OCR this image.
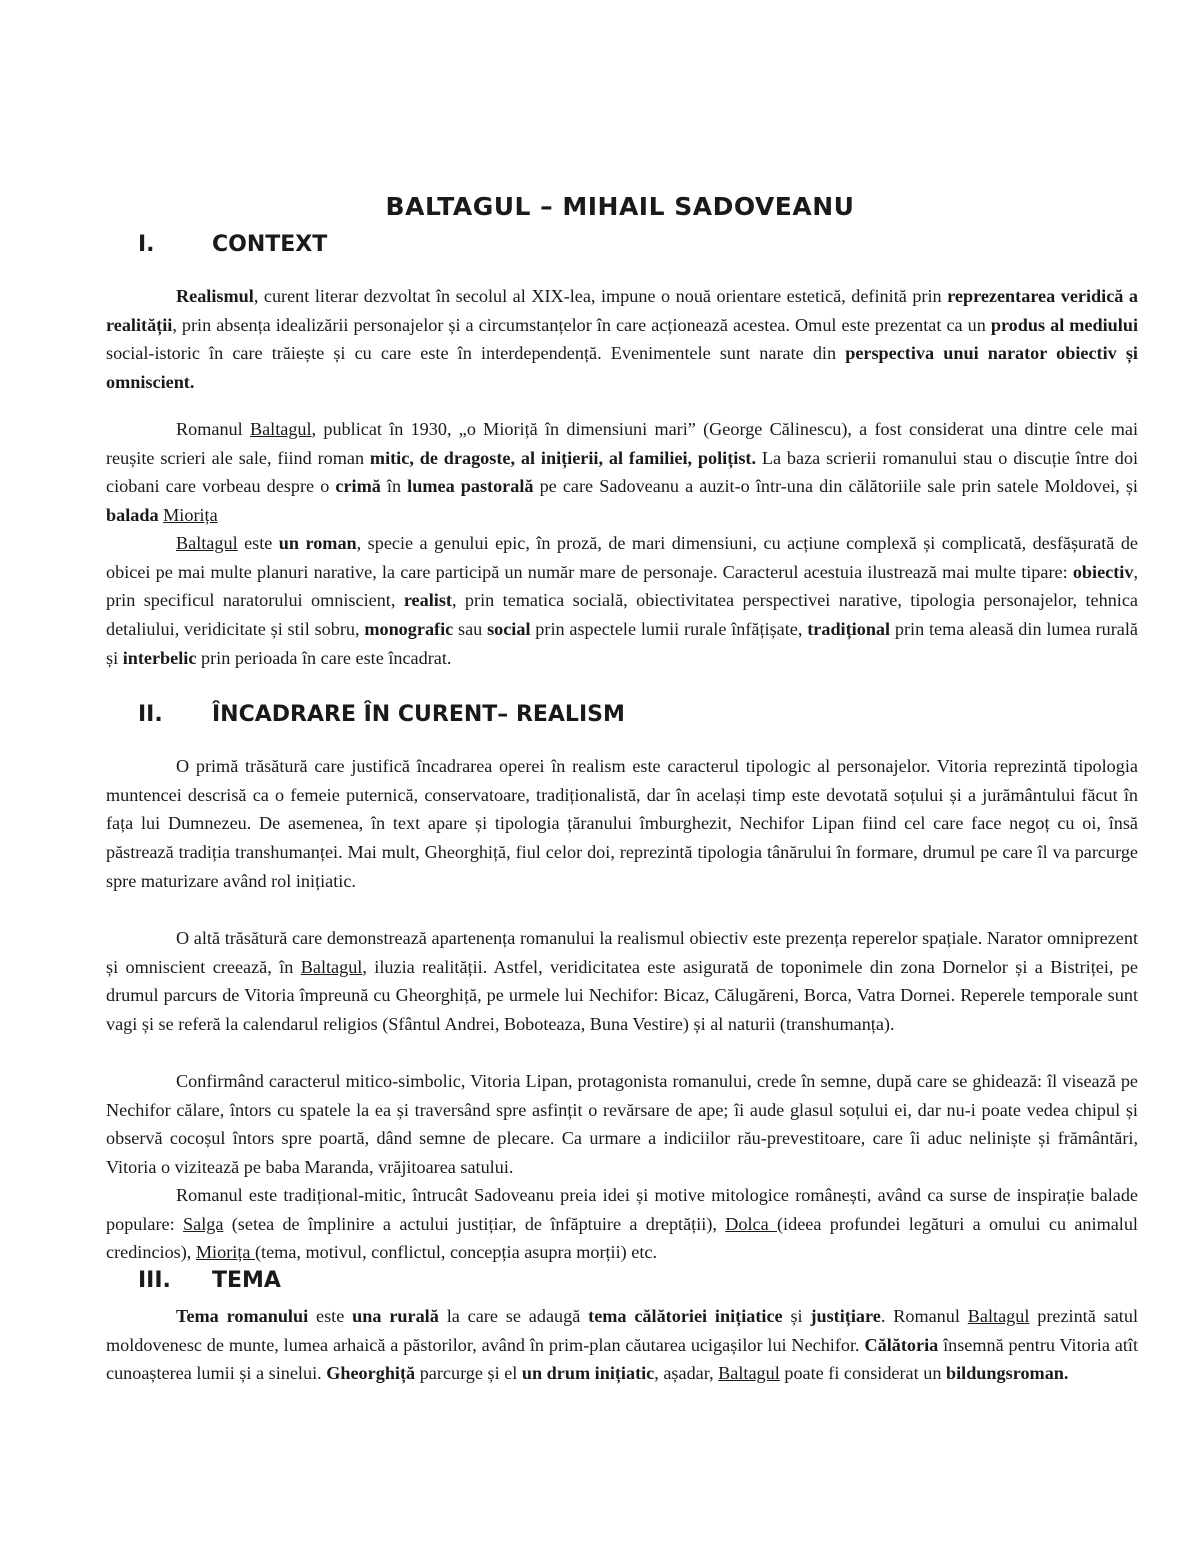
BALTAGUL – MIHAIL SADOVEANU
I.	CONTEXT

Realismul, curent literar dezvoltat în secolul al XIX-lea, impune o nouă orientare estetică, definită prin reprezentarea veridică a realității, prin absența idealizării personajelor și a circumstanțelor în care acționează acestea. Omul este prezentat ca un produs al mediului social-istoric în care trăiește și cu care este în interdependență. Evenimentele sunt narate din perspectiva unui narator obiectiv și omniscient.

Romanul Baltagul, publicat în 1930, „o Mioriță în dimensiuni mari” (George Călinescu), a fost considerat una dintre cele mai reușite scrieri ale sale, fiind roman mitic, de dragoste, al inițierii, al familiei, polițist. La baza scrierii romanului stau o discuție între doi ciobani care vorbeau despre o crimă în lumea pastorală pe care Sadoveanu a auzit-o într-una din călătoriile sale prin satele Moldovei, și balada Miorița

Baltagul este un roman, specie a genului epic, în proză, de mari dimensiuni, cu acțiune complexă și complicată, desfășurată de obicei pe mai multe planuri narative, la care participă un număr mare de personaje. Caracterul acestuia ilustrează mai multe tipare: obiectiv, prin specificul naratorului omniscient, realist, prin tematica socială, obiectivitatea perspectivei narative, tipologia personajelor, tehnica detaliului, veridicitate și stil sobru, monografic sau social prin aspectele lumii rurale înfățișate, tradițional prin tema aleasă din lumea rurală și interbelic prin perioada în care este încadrat.

II.	ÎNCADRARE ÎN CURENT– REALISM

O primă trăsătură care justifică încadrarea operei în realism este caracterul tipologic al personajelor. Vitoria reprezintă tipologia muntencei descrisă ca o femeie puternică, conservatoare, tradiționalistă, dar în același timp este devotată soțului și a jurământului făcut în fața lui Dumnezeu. De asemenea, în text apare și tipologia țăranului îmburghezit, Nechifor Lipan fiind cel care face negoț cu oi, însă păstrează tradiția transhumanței. Mai mult, Gheorghiță, fiul celor doi, reprezintă tipologia tânărului în formare, drumul pe care îl va parcurge spre maturizare având rol inițiatic.

O altă trăsătură care demonstrează apartenența romanului la realismul obiectiv este prezența reperelor spațiale. Narator omniprezent și omniscient creează, în Baltagul, iluzia realității. Astfel, veridicitatea este asigurată de toponimele din zona Dornelor și a Bistriței, pe drumul parcurs de Vitoria împreună cu Gheorghiță, pe urmele lui Nechifor: Bicaz, Călugăreni, Borca, Vatra Dornei. Reperele temporale sunt vagi și se referă la calendarul religios (Sfântul Andrei, Boboteaza, Buna Vestire) și al naturii (transhumanța).

Confirmând caracterul mitico-simbolic, Vitoria Lipan, protagonista romanului, crede în semne, după care se ghidează: îl visează pe Nechifor călare, întors cu spatele la ea și traversând spre asfințit o revărsare de ape; îi aude glasul soțului ei, dar nu-i poate vedea chipul și observă cocoșul întors spre poartă, dând semne de plecare. Ca urmare a indiciilor rău-prevestitoare, care îi aduc neliniște și frământări, Vitoria o vizitează pe baba Maranda, vrăjitoarea satului.

Romanul este tradițional-mitic, întrucât Sadoveanu preia idei și motive mitologice românești, având ca surse de inspirație balade populare: Salga (setea de împlinire a actului justițiar, de înfăptuire a dreptății), Dolca (ideea profundei legături a omului cu animalul credincios), Miorița (tema, motivul, conflictul, concepția asupra morții) etc.

III.	TEMA

Tema romanului este una rurală la care se adaugă tema călătoriei inițiatice și justițiare. Romanul Baltagul prezintă satul moldovenesc de munte, lumea arhaică a păstorilor, având în prim-plan căutarea ucigașilor lui Nechifor. Călătoria însemnă pentru Vitoria atît cunoașterea lumii și a sinelui. Gheorghiță parcurge și el un drum inițiatic, așadar, Baltagul poate fi considerat un bildungsroman.
